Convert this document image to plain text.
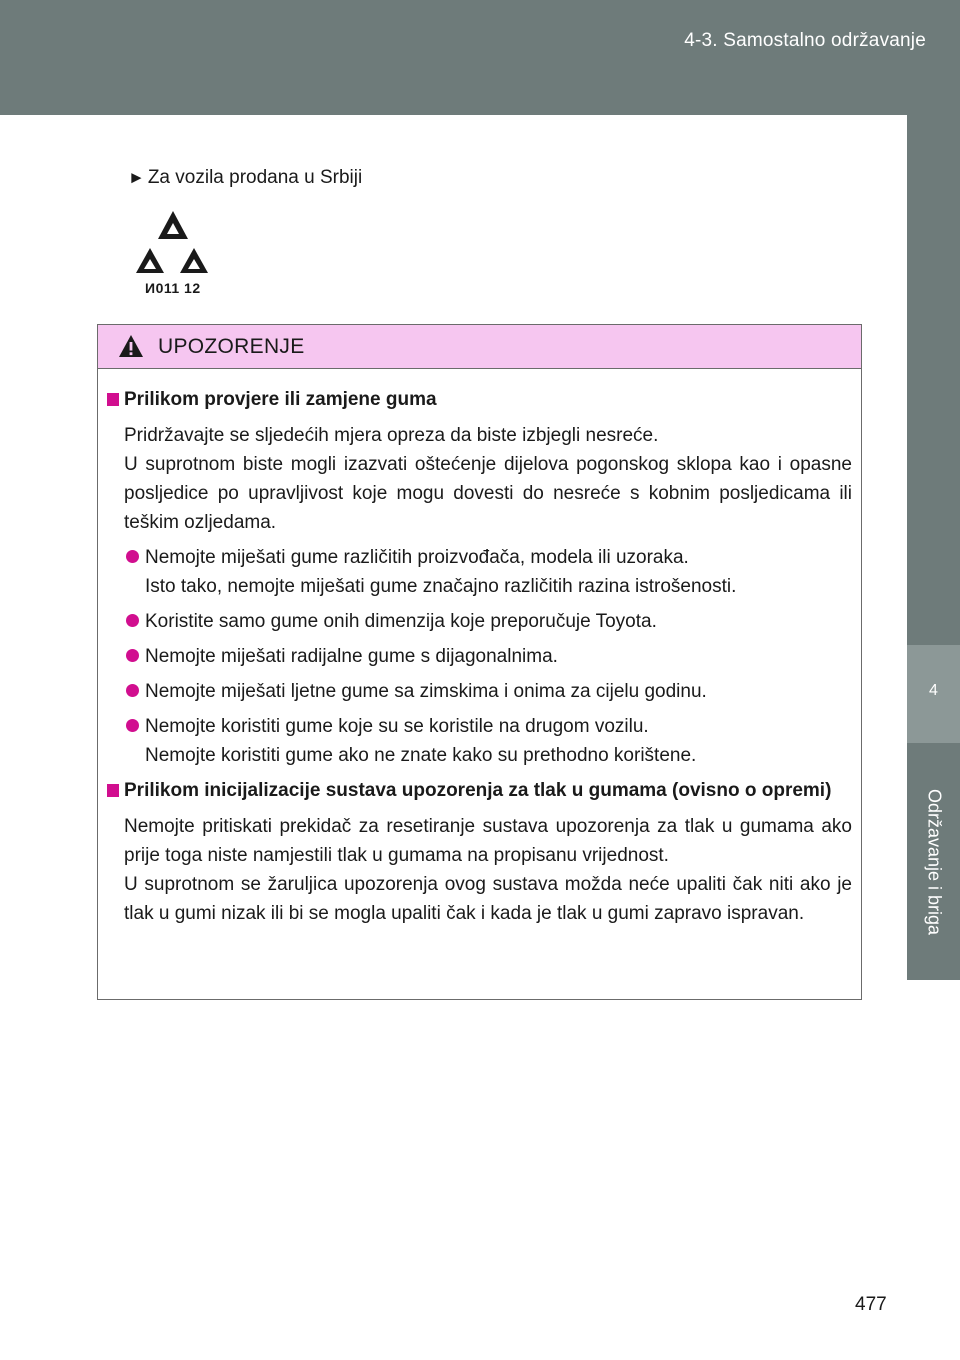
4-3. Samostalno održavanje
4
Održavanje i briga
► Za vozila prodana u Srbiji
И011 12
UPOZORENJE
Prilikom provjere ili zamjene guma
Pridržavajte se sljedećih mjera opreza da biste izbjegli nesreće.
U suprotnom biste mogli izazvati oštećenje dijelova pogonskog sklopa kao i opasne posljedice po upravljivost koje mogu dovesti do nesreće s kobnim posljedicama ili teškim ozljedama.
Nemojte miješati gume različitih proizvođača, modela ili uzoraka.
Isto tako, nemojte miješati gume značajno različitih razina istrošenosti.
Koristite samo gume onih dimenzija koje preporučuje Toyota.
Nemojte miješati radijalne gume s dijagonalnima.
Nemojte miješati ljetne gume sa zimskima i onima za cijelu godinu.
Nemojte koristiti gume koje su se koristile na drugom vozilu.
Nemojte koristiti gume ako ne znate kako su prethodno korištene.
Prilikom inicijalizacije sustava upozorenja za tlak u gumama (ovisno o opremi)
Nemojte pritiskati prekidač za resetiranje sustava upozorenja za tlak u gumama ako prije toga niste namjestili tlak u gumama na propisanu vrijednost.
U suprotnom se žaruljica upozorenja ovog sustava možda neće upaliti čak niti ako je tlak u gumi nizak ili bi se mogla upaliti čak i kada je tlak u gumi zapravo ispravan.
477
